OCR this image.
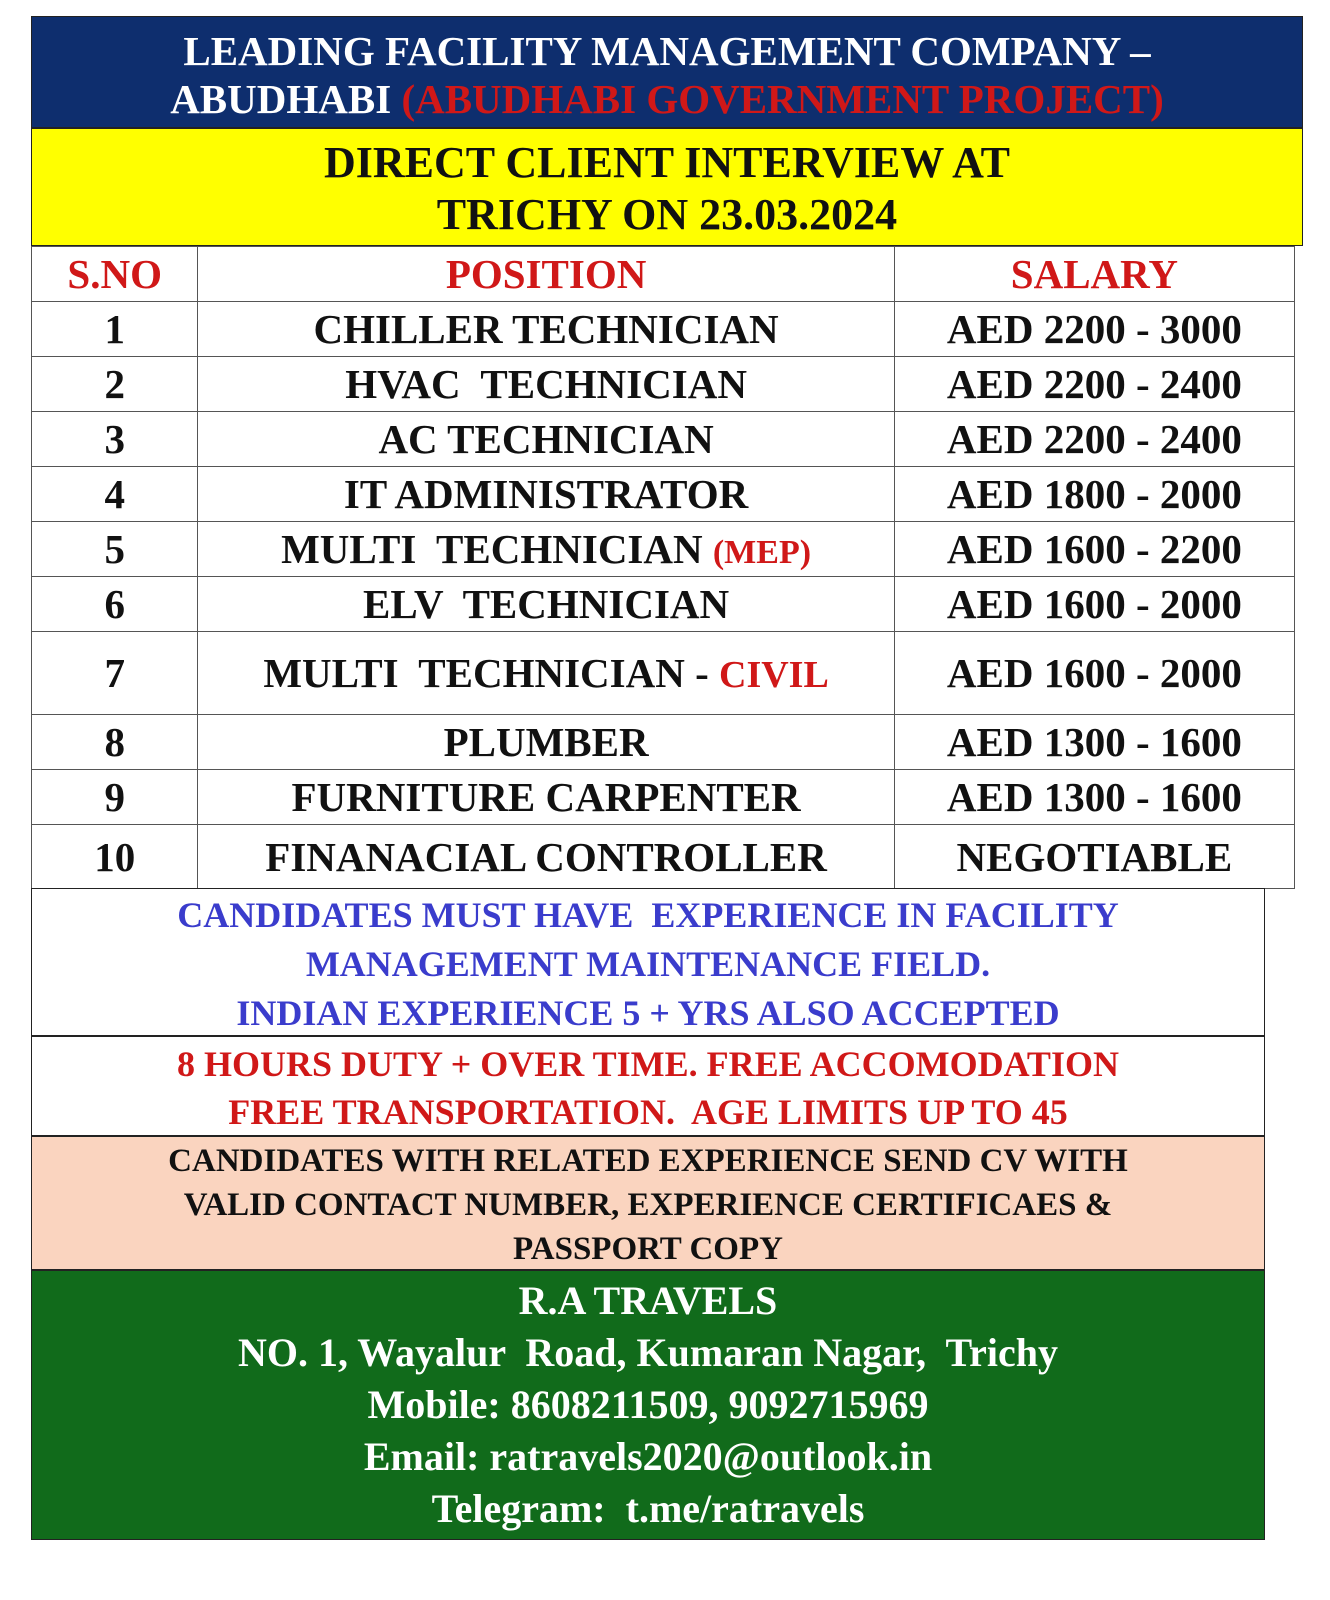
LEADING FACILITY MANAGEMENT COMPANY –
ABUDHABI (ABUDHABI GOVERNMENT PROJECT)
DIRECT CLIENT INTERVIEW AT
TRICHY ON 23.03.2024
S.NO	POSITION	SALARY
1	CHILLER TECHNICIAN	AED 2200 - 3000
2	HVAC  TECHNICIAN	AED 2200 - 2400
3	AC TECHNICIAN	AED 2200 - 2400
4	IT ADMINISTRATOR	AED 1800 - 2000
5	MULTI  TECHNICIAN (MEP)	AED 1600 - 2200
6	ELV  TECHNICIAN	AED 1600 - 2000
7	MULTI  TECHNICIAN - CIVIL	AED 1600 - 2000
8	PLUMBER	AED 1300 - 1600
9	FURNITURE CARPENTER	AED 1300 - 1600
10	FINANACIAL CONTROLLER	NEGOTIABLE
CANDIDATES MUST HAVE  EXPERIENCE IN FACILITY
MANAGEMENT MAINTENANCE FIELD.
INDIAN EXPERIENCE 5 + YRS ALSO ACCEPTED
8 HOURS DUTY + OVER TIME. FREE ACCOMODATION
FREE TRANSPORTATION.  AGE LIMITS UP TO 45
CANDIDATES WITH RELATED EXPERIENCE SEND CV WITH
VALID CONTACT NUMBER, EXPERIENCE CERTIFICAES &
PASSPORT COPY
R.A TRAVELS
NO. 1, Wayalur  Road, Kumaran Nagar,  Trichy
Mobile: 8608211509, 9092715969
Email: ratravels2020@outlook.in
Telegram:  t.me/ratravels
